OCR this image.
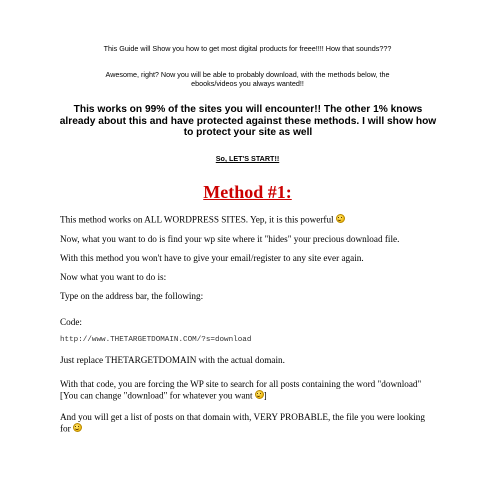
This Guide will Show you how to get most digital products for freee!!!! How that sounds???
Awesome, right? Now you will be able to probably download, with the methods below, the ebooks/videos you always wanted!!
This works on 99% of the sites you will encounter!! The other 1% knows already about this and have protected against these methods. I will show how to protect your site as well
So, LET'S START!!
Method #1:
This method works on ALL WORDPRESS SITES. Yep, it is this powerful
Now, what you want to do is find your wp site where it "hides" your precious download file.
With this method you won't have to give your email/register to any site ever again.
Now what you want to do is:
Type on the address bar, the following:
Code:
http://www.THETARGETDOMAIN.COM/?s=download
Just replace THETARGETDOMAIN with the actual domain.
With that code, you are forcing the WP site to search for all posts containing the word "download" [You can change "download" for whatever you want ]
And you will get a list of posts on that domain with, VERY PROBABLE, the file you were looking for
